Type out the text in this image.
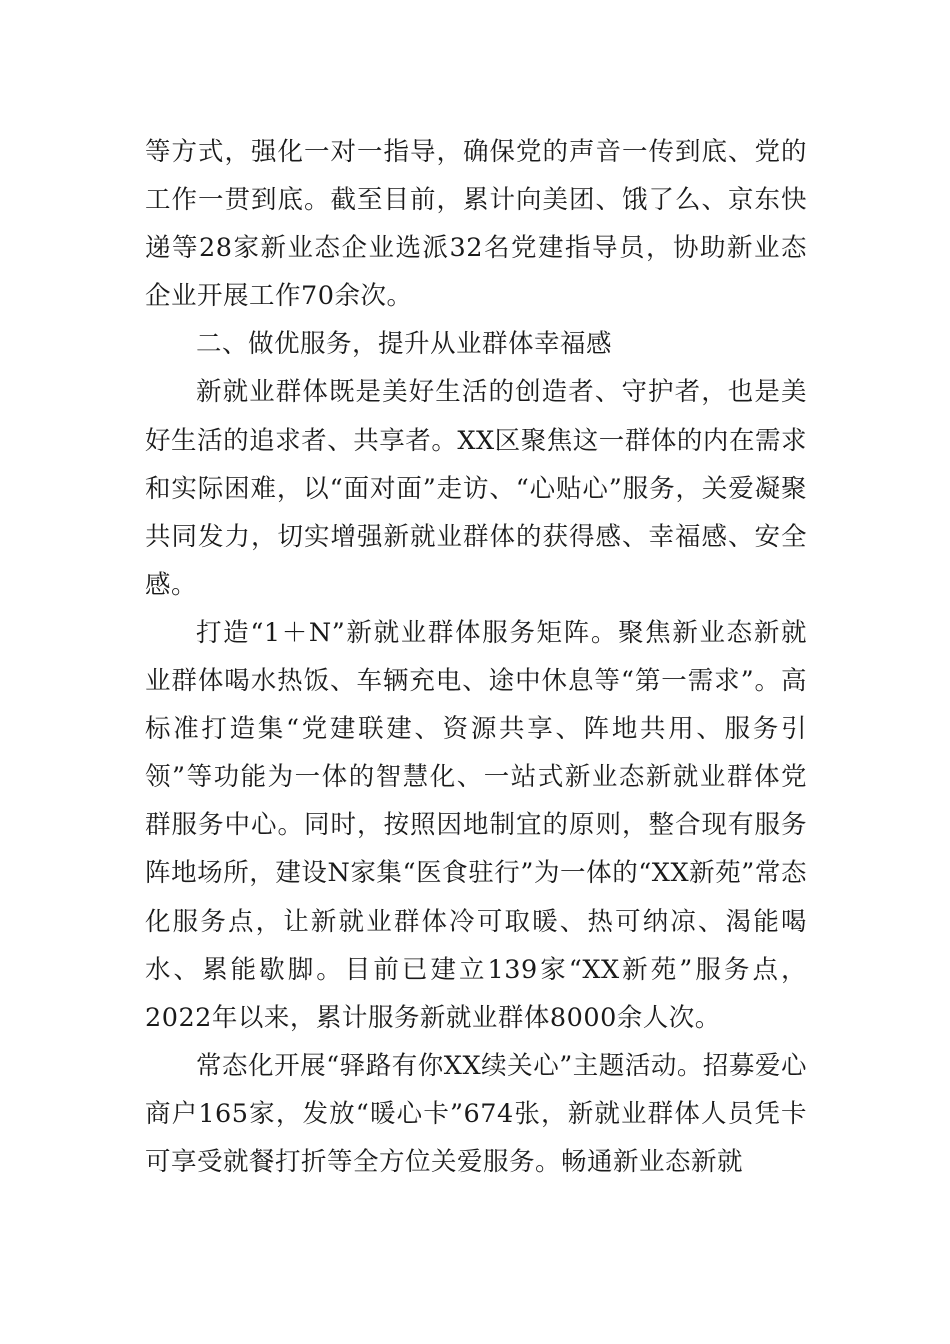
等方式，强化一对一指导，确保党的声音一传到底、党的工作一贯到底。截至目前，累计向美团、饿了么、京东快递等28家新业态企业选派32名党建指导员，协助新业态企业开展工作70余次。

二、做优服务，提升从业群体幸福感

新就业群体既是美好生活的创造者、守护者，也是美好生活的追求者、共享者。XX区聚焦这一群体的内在需求和实际困难，以“面对面”走访、“心贴心”服务，关爱凝聚共同发力，切实增强新就业群体的获得感、幸福感、安全感。

打造“1＋N”新就业群体服务矩阵。聚焦新业态新就业群体喝水热饭、车辆充电、途中休息等“第一需求”。高标准打造集“党建联建、资源共享、阵地共用、服务引领”等功能为一体的智慧化、一站式新业态新就业群体党群服务中心。同时，按照因地制宜的原则，整合现有服务阵地场所，建设N家集“医食驻行”为一体的“XX新苑”常态化服务点，让新就业群体冷可取暖、热可纳凉、渴能喝水、累能歇脚。目前已建立139家“XX新苑”服务点，2022年以来，累计服务新就业群体8000余人次。

常态化开展“驿路有你XX续关心”主题活动。招募爱心商户165家，发放“暖心卡”674张，新就业群体人员凭卡可享受就餐打折等全方位关爱服务。畅通新业态新就
